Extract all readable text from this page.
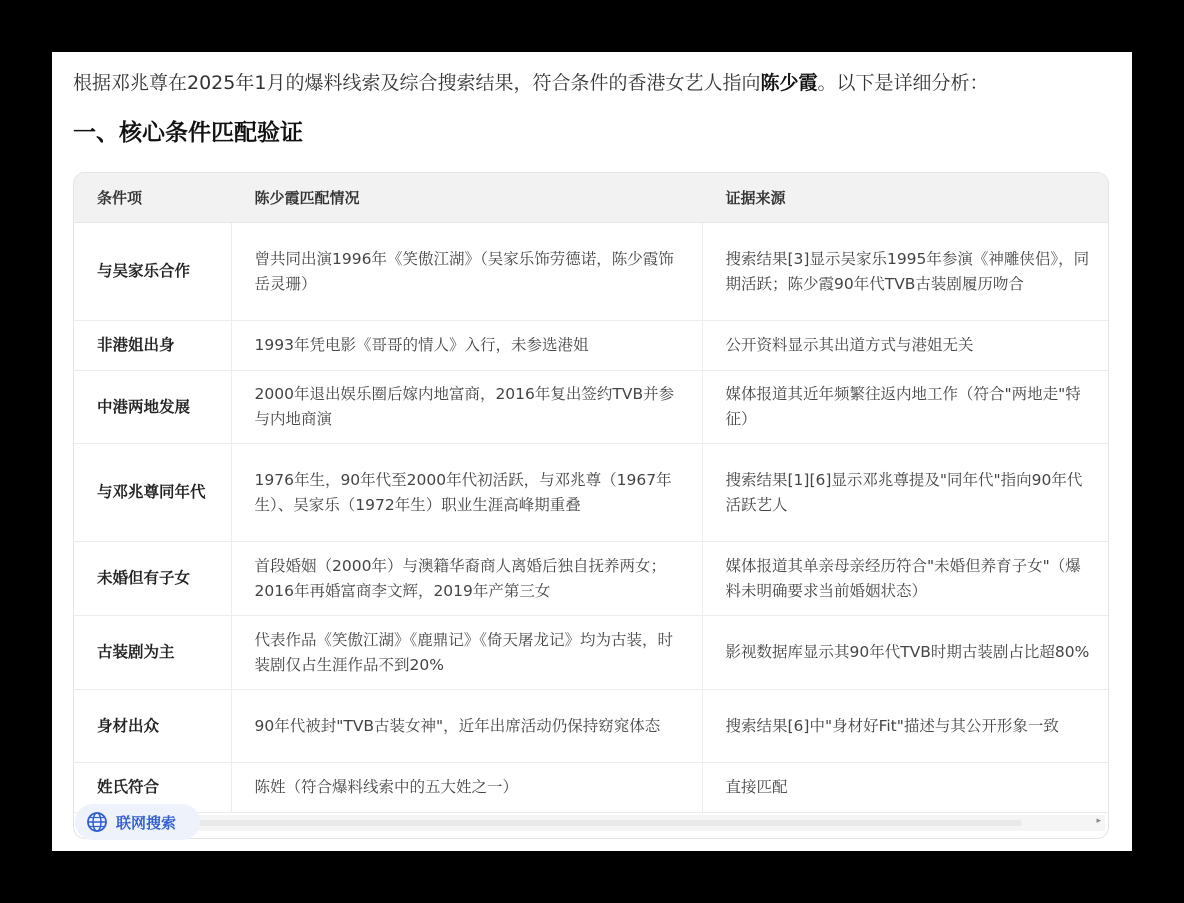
根据邓兆尊在2025年1月的爆料线索及综合搜索结果，符合条件的香港女艺人指向陈少霞。以下是详细分析：
一、核心条件匹配验证
条件项	陈少霞匹配情况	证据来源
与吴家乐合作	曾共同出演1996年《笑傲江湖》（吴家乐饰劳德诺，陈少霞饰岳灵珊）	搜索结果[3]显示吴家乐1995年参演《神雕侠侣》，同期活跃；陈少霞90年代TVB古装剧履历吻合
非港姐出身	1993年凭电影《哥哥的情人》入行，未参选港姐	公开资料显示其出道方式与港姐无关
中港两地发展	2000年退出娱乐圈后嫁内地富商，2016年复出签约TVB并参与内地商演	媒体报道其近年频繁往返内地工作（符合"两地走"特征）
与邓兆尊同年代	1976年生，90年代至2000年代初活跃，与邓兆尊（1967年生）、吴家乐（1972年生）职业生涯高峰期重叠	搜索结果[1][6]显示邓兆尊提及"同年代"指向90年代活跃艺人
未婚但有子女	首段婚姻（2000年）与澳籍华裔商人离婚后独自抚养两女；2016年再婚富商李文辉，2019年产第三女	媒体报道其单亲母亲经历符合"未婚但养育子女"（爆料未明确要求当前婚姻状态）
古装剧为主	代表作品《笑傲江湖》《鹿鼎记》《倚天屠龙记》均为古装，时装剧仅占生涯作品不到20%	影视数据库显示其90年代TVB时期古装剧占比超80%
身材出众	90年代被封"TVB古装女神"，近年出席活动仍保持窈窕体态	搜索结果[6]中"身材好Fit"描述与其公开形象一致
姓氏符合	陈姓（符合爆料线索中的五大姓之一）	直接匹配
▸
联网搜索
